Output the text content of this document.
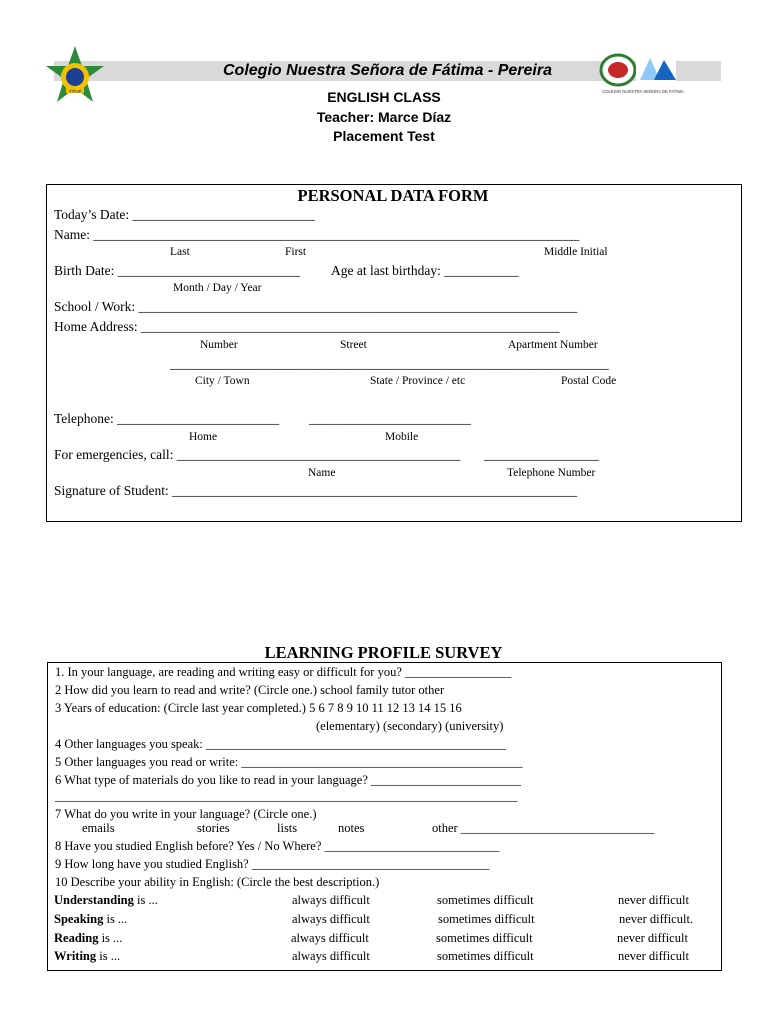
Virtual	COLEGIO NUESTRA SEÑORA DE FATIMA
Colegio Nuestra Señora de Fátima - Pereira
ENGLISH CLASS
Teacher: Marce Díaz
Placement Test
PERSONAL DATA FORM
Today’s Date: ___________________________
Name: ________________________________________________________________________
Last	First	Middle Initial
Birth Date: ___________________________ Age at last birthday: ___________
Month / Day / Year
School / Work: _________________________________________________________________
Home Address: ______________________________________________________________
Number	Street	Apartment Number
_________________________________________________________________
City / Town	State / Province / etc	Postal Code
Telephone: ________________________ ________________________
Home	Mobile
For emergencies, call: __________________________________________ _________________
Name	Telephone Number
Signature of Student: ____________________________________________________________
LEARNING PROFILE SURVEY
1. In your language, are reading and writing easy or difficult for you? _________________
2 How did you learn to read and write? (Circle one.) school family tutor other
3 Years of education: (Circle last year completed.) 5 6 7 8 9 10 11 12 13 14 15 16
(elementary) (secondary) (university)
4 Other languages you speak: ________________________________________________
5 Other languages you read or write: _____________________________________________
6 What type of materials do you like to read in your language? ________________________
__________________________________________________________________________
7 What do you write in your language? (Circle one.)
emails	stories	lists	notes	other _______________________________
8 Have you studied English before? Yes / No Where? ____________________________
9 How long have you studied English? ______________________________________
10 Describe your ability in English: (Circle the best description.)
Understanding is ...	always difficult	sometimes difficult	never difficult
Speaking is ...	always difficult	sometimes difficult	never difficult.
Reading is ...	always difficult	sometimes difficult	never difficult
Writing is ...	always difficult	sometimes difficult	never difficult
